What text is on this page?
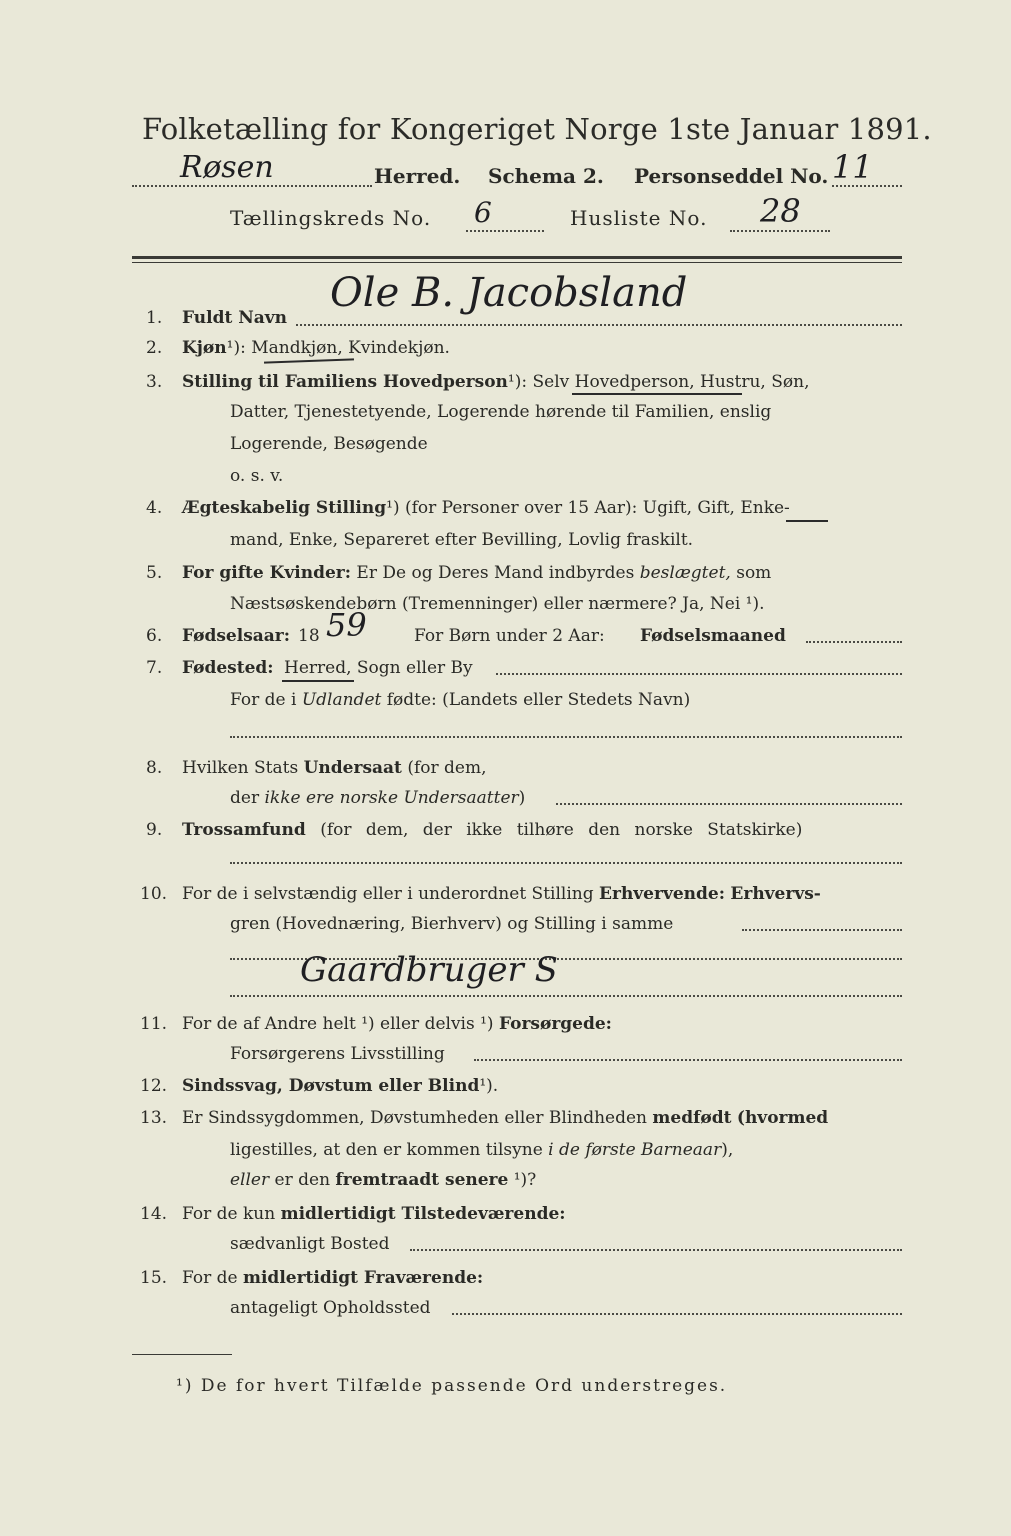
Folketælling for Kongeriget Norge 1ste Januar 1891.
Røsen	Herred. Schema 2. Personseddel No. 11
Tællingskreds No. 6	Husliste No. 28
1. Fuldt Navn
Ole B. Jacobsland
2. Kjøn¹): Mandkjøn, Kvindekjøn.
3. Stilling til Familiens Hovedperson¹): Selv Hovedperson, Hustru, Søn,
Datter, Tjenestetyende, Logerende hørende til Familien, enslig
Logerende, Besøgende
o. s. v.
4. Ægteskabelig Stilling¹) (for Personer over 15 Aar): Ugift, Gift, Enke-
mand, Enke, Separeret efter Bevilling, Lovlig fraskilt.
5. For gifte Kvinder: Er De og Deres Mand indbyrdes beslægtet, som
Næstsøskendebørn (Tremenninger) eller nærmere? Ja, Nei ¹).
6. Fødselsaar: 18 59	For Børn under 2 Aar: Fødselsmaaned
7. Fødested: Herred, Sogn eller By
For de i Udlandet fødte: (Landets eller Stedets Navn)
8. Hvilken Stats Undersaat (for dem,
der ikke ere norske Undersaatter)
9. Trossamfund (for dem, der ikke tilhøre den norske Statskirke)
10. For de i selvstændig eller i underordnet Stilling Erhvervende: Erhvervs-
gren (Hovednæring, Bierhverv) og Stilling i samme
Gaardbruger S
11. For de af Andre helt ¹) eller delvis ¹) Forsørgede:
Forsørgerens Livsstilling
12. Sindssvag, Døvstum eller Blind¹).
13. Er Sindssygdommen, Døvstumheden eller Blindheden medfødt (hvormed
ligestilles, at den er kommen tilsyne i de første Barneaar),
eller er den fremtraadt senere ¹)?
14. For de kun midlertidigt Tilstedeværende:
sædvanligt Bosted
15. For de midlertidigt Fraværende:
antageligt Opholdssted
¹) De for hvert Tilfælde passende Ord understreges.
